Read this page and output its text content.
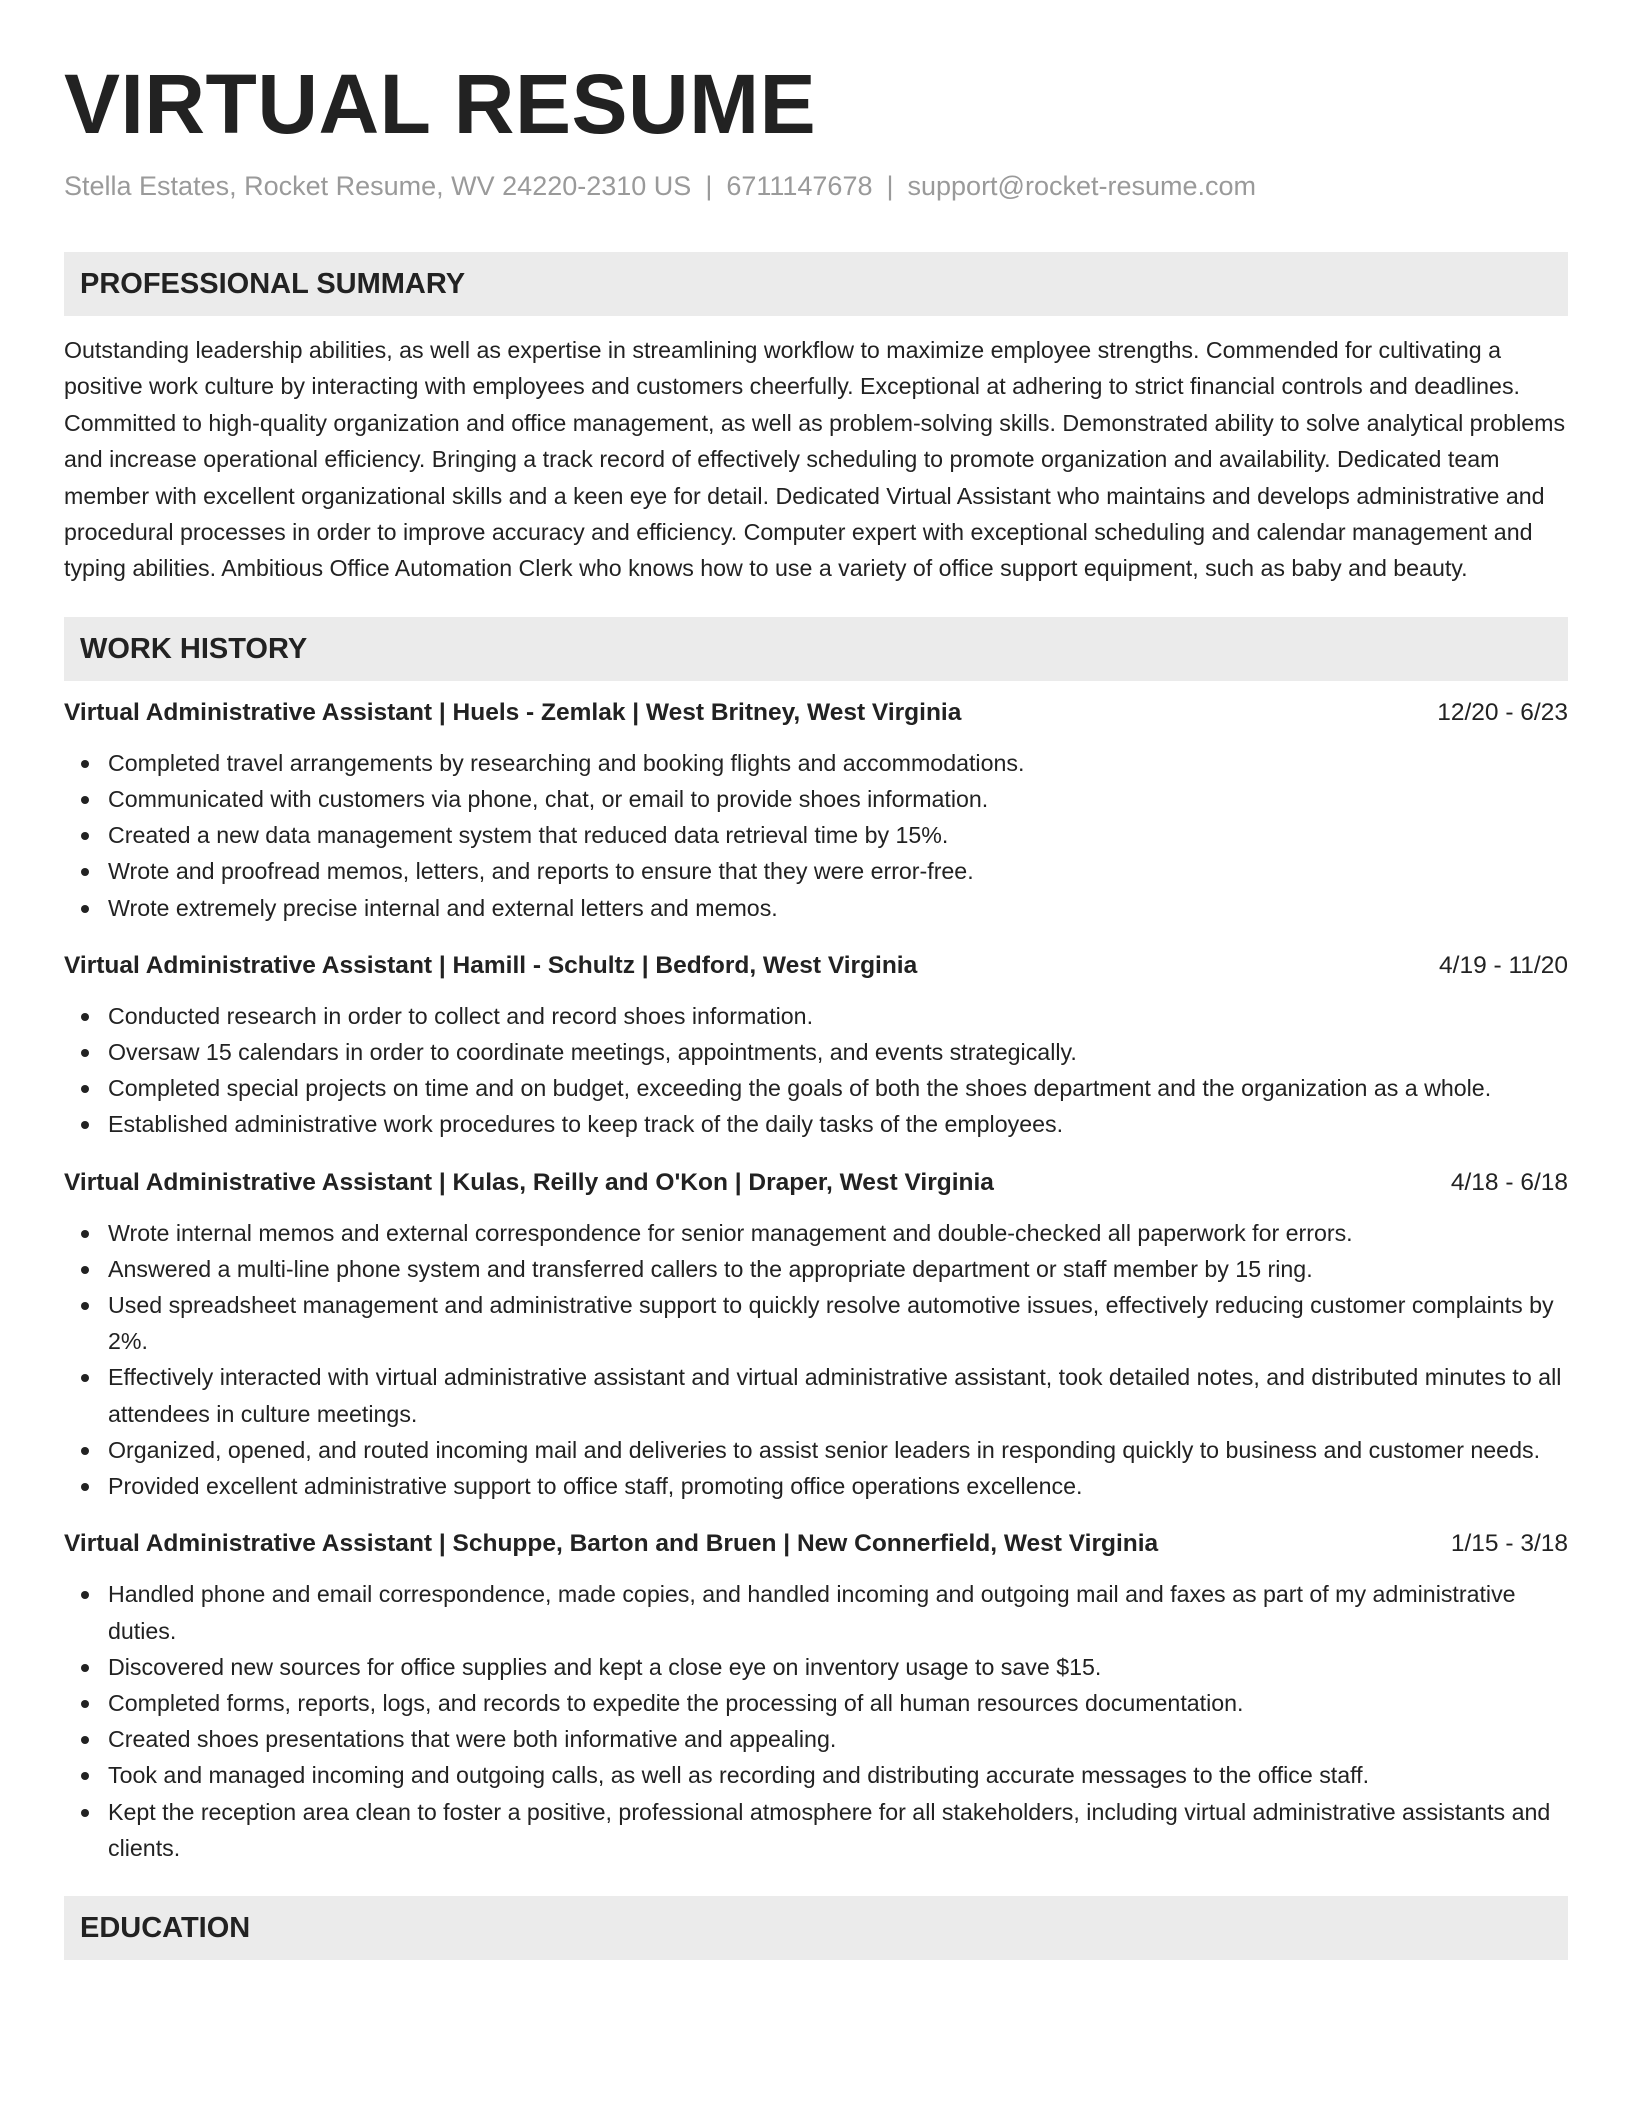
VIRTUAL RESUME
Stella Estates, Rocket Resume, WV 24220-2310 US | 6711147678 | support@rocket-resume.com
PROFESSIONAL SUMMARY

Outstanding leadership abilities, as well as expertise in streamlining workflow to maximize employee strengths. Commended for cultivating a positive work culture by interacting with employees and customers cheerfully. Exceptional at adhering to strict financial controls and deadlines. Committed to high-quality organization and office management, as well as problem-solving skills. Demonstrated ability to solve analytical problems and increase operational efficiency. Bringing a track record of effectively scheduling to promote organization and availability. Dedicated team member with excellent organizational skills and a keen eye for detail. Dedicated Virtual Assistant who maintains and develops administrative and procedural processes in order to improve accuracy and efficiency. Computer expert with exceptional scheduling and calendar management and typing abilities. Ambitious Office Automation Clerk who knows how to use a variety of office support equipment, such as baby and beauty.

WORK HISTORY
Virtual Administrative Assistant | Huels - Zemlak | West Britney, West Virginia	12/20 - 6/23
Completed travel arrangements by researching and booking flights and accommodations.
Communicated with customers via phone, chat, or email to provide shoes information.
Created a new data management system that reduced data retrieval time by 15%.
Wrote and proofread memos, letters, and reports to ensure that they were error-free.
Wrote extremely precise internal and external letters and memos.
Virtual Administrative Assistant | Hamill - Schultz | Bedford, West Virginia	4/19 - 11/20
Conducted research in order to collect and record shoes information.
Oversaw 15 calendars in order to coordinate meetings, appointments, and events strategically.
Completed special projects on time and on budget, exceeding the goals of both the shoes department and the organization as a whole.
Established administrative work procedures to keep track of the daily tasks of the employees.
Virtual Administrative Assistant | Kulas, Reilly and O'Kon | Draper, West Virginia	4/18 - 6/18
Wrote internal memos and external correspondence for senior management and double-checked all paperwork for errors.
Answered a multi-line phone system and transferred callers to the appropriate department or staff member by 15 ring.
Used spreadsheet management and administrative support to quickly resolve automotive issues, effectively reducing customer complaints by 2%.
Effectively interacted with virtual administrative assistant and virtual administrative assistant, took detailed notes, and distributed minutes to all attendees in culture meetings.
Organized, opened, and routed incoming mail and deliveries to assist senior leaders in responding quickly to business and customer needs.
Provided excellent administrative support to office staff, promoting office operations excellence.
Virtual Administrative Assistant | Schuppe, Barton and Bruen | New Connerfield, West Virginia	1/15 - 3/18
Handled phone and email correspondence, made copies, and handled incoming and outgoing mail and faxes as part of my administrative duties.
Discovered new sources for office supplies and kept a close eye on inventory usage to save $15.
Completed forms, reports, logs, and records to expedite the processing of all human resources documentation.
Created shoes presentations that were both informative and appealing.
Took and managed incoming and outgoing calls, as well as recording and distributing accurate messages to the office staff.
Kept the reception area clean to foster a positive, professional atmosphere for all stakeholders, including virtual administrative assistants and clients.
EDUCATION
